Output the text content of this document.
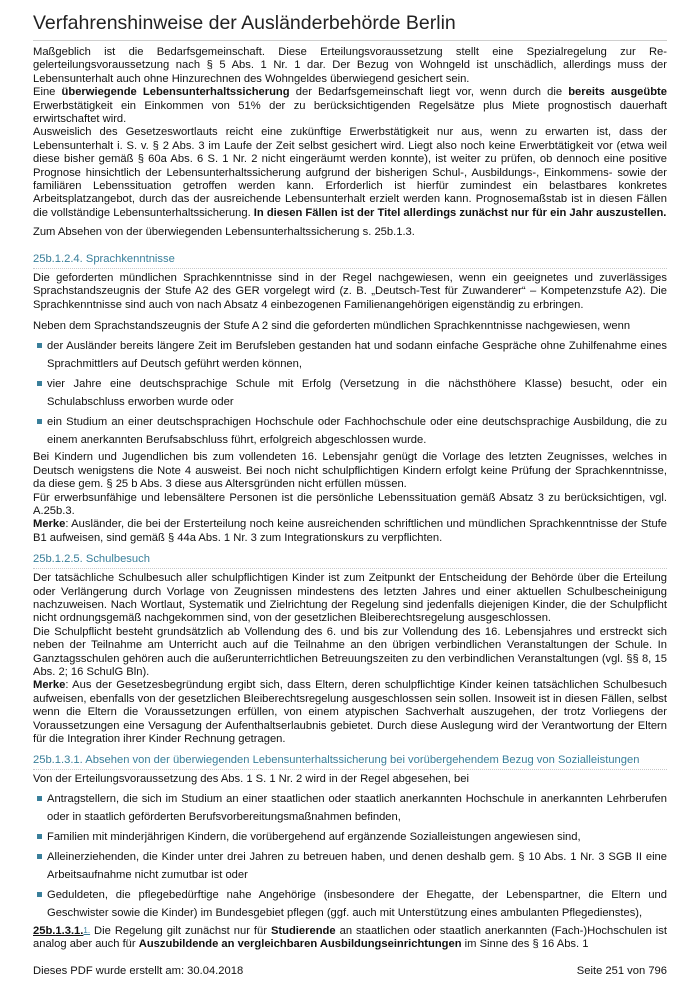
Verfahrenshinweise der Ausländerbehörde Berlin

Maßgeblich ist die Bedarfsgemeinschaft. Diese Erteilungsvoraussetzung stellt eine Spezialregelung zur Re-gelerteilungsvoraussetzung nach § 5 Abs. 1 Nr. 1 dar. Der Bezug von Wohngeld ist unschädlich, allerdings muss der Lebensunterhalt auch ohne Hinzurechnen des Wohngeldes überwiegend gesichert sein.

Eine überwiegende Lebensunterhaltssicherung der Bedarfsgemeinschaft liegt vor, wenn durch die bereits ausgeübte Erwerbstätigkeit ein Einkommen von 51% der zu berücksichtigenden Regelsätze plus Miete prognostisch dauerhaft erwirtschaftet wird.

Ausweislich des Gesetzeswortlauts reicht eine zukünftige Erwerbstätigkeit nur aus, wenn zu erwarten ist, dass der Lebensunterhalt i. S. v. § 2 Abs. 3 im Laufe der Zeit selbst gesichert wird. Liegt also noch keine Erwerbtätigkeit vor (etwa weil diese bisher gemäß § 60a Abs. 6 S. 1 Nr. 2 nicht eingeräumt werden konnte), ist weiter zu prüfen, ob dennoch eine positive Prognose hinsichtlich der Lebensunterhaltssicherung aufgrund der bisherigen Schul-, Ausbildungs-, Einkommens- sowie der familiären Lebenssituation getroffen werden kann. Erforderlich ist hierfür zumindest ein belastbares konkretes Arbeitsplatzangebot, durch das der ausreichende Lebensunterhalt erzielt werden kann. Prognosemaßstab ist in diesen Fällen die vollständige Lebensunterhaltssicherung. In diesen Fällen ist der Titel allerdings zunächst nur für ein Jahr auszustellen.

Zum Absehen von der überwiegenden Lebensunterhaltssicherung s. 25b.1.3.

25b.1.2.4. Sprachkenntnisse

Die geforderten mündlichen Sprachkenntnisse sind in der Regel nachgewiesen, wenn ein geeignetes und zuverlässiges Sprachstandszeugnis der Stufe A2 des GER vorgelegt wird (z. B. „Deutsch-Test für Zuwanderer“ – Kompetenzstufe A2). Die Sprachkenntnisse sind auch von nach Absatz 4 einbezogenen Familienangehörigen eigenständig zu erbringen.

Neben dem Sprachstandszeugnis der Stufe A 2 sind die geforderten mündlichen Sprachkenntnisse nachgewiesen, wenn

der Ausländer bereits längere Zeit im Berufsleben gestanden hat und sodann einfache Gespräche ohne Zuhilfenahme eines Sprachmittlers auf Deutsch geführt werden können,
vier Jahre eine deutschsprachige Schule mit Erfolg (Versetzung in die nächsthöhere Klasse) besucht, oder ein Schulabschluss erworben wurde oder
ein Studium an einer deutschsprachigen Hochschule oder Fachhochschule oder eine deutschsprachige Ausbildung, die zu einem anerkannten Berufsabschluss führt, erfolgreich abgeschlossen wurde.

Bei Kindern und Jugendlichen bis zum vollendeten 16. Lebensjahr genügt die Vorlage des letzten Zeugnisses, welches in Deutsch wenigstens die Note 4 ausweist. Bei noch nicht schulpflichtigen Kindern erfolgt keine Prüfung der Sprachkenntnisse, da diese gem. § 25 b Abs. 3 diese aus Altersgründen nicht erfüllen müssen.

Für erwerbsunfähige und lebensältere Personen ist die persönliche Lebenssituation gemäß Absatz 3 zu berücksichtigen, vgl. A.25b.3.

Merke: Ausländer, die bei der Ersterteilung noch keine ausreichenden schriftlichen und mündlichen Sprachkenntnisse der Stufe B1 aufweisen, sind gemäß § 44a Abs. 1 Nr. 3 zum Integrationskurs zu verpflichten.

25b.1.2.5. Schulbesuch

Der tatsächliche Schulbesuch aller schulpflichtigen Kinder ist zum Zeitpunkt der Entscheidung der Behörde über die Erteilung oder Verlängerung durch Vorlage von Zeugnissen mindestens des letzten Jahres und einer aktuellen Schulbescheinigung nachzuweisen. Nach Wortlaut, Systematik und Zielrichtung der Regelung sind jedenfalls diejenigen Kinder, die der Schulpflicht nicht ordnungsgemäß nachgekommen sind, von der gesetzlichen Bleiberechtsregelung ausgeschlossen.

Die Schulpflicht besteht grundsätzlich ab Vollendung des 6. und bis zur Vollendung des 16. Lebensjahres und erstreckt sich neben der Teilnahme am Unterricht auch auf die Teilnahme an den übrigen verbindlichen Veranstaltungen der Schule. In Ganztagsschulen gehören auch die außerunterrichtlichen Betreuungszeiten zu den verbindlichen Veranstaltungen (vgl. §§ 8, 15 Abs. 2; 16 SchulG Bln).

Merke: Aus der Gesetzesbegründung ergibt sich, dass Eltern, deren schulpflichtige Kinder keinen tatsächlichen Schulbesuch aufweisen, ebenfalls von der gesetzlichen Bleiberechtsregelung ausgeschlossen sein sollen. Insoweit ist in diesen Fällen, selbst wenn die Eltern die Voraussetzungen erfüllen, von einem atypischen Sachverhalt auszugehen, der trotz Vorliegens der Voraussetzungen eine Versagung der Aufenthaltserlaubnis gebietet. Durch diese Auslegung wird der Verantwortung der Eltern für die Integration ihrer Kinder Rechnung getragen.

25b.1.3.1. Absehen von der überwiegenden Lebensunterhaltssicherung bei vorübergehendem Bezug von Sozialleistungen

Von der Erteilungsvoraussetzung des Abs. 1 S. 1 Nr. 2 wird in der Regel abgesehen, bei

Antragstellern, die sich im Studium an einer staatlichen oder staatlich anerkannten Hochschule in anerkannten Lehrberufen oder in staatlich geförderten Berufsvorbereitungsmaßnahmen befinden,
Familien mit minderjährigen Kindern, die vorübergehend auf ergänzende Sozialleistungen angewiesen sind,
Alleinerziehenden, die Kinder unter drei Jahren zu betreuen haben, und denen deshalb gem. § 10 Abs. 1 Nr. 3 SGB II eine Arbeitsaufnahme nicht zumutbar ist oder
Geduldeten, die pflegebedürftige nahe Angehörige (insbesondere der Ehegatte, der Lebenspartner, die Eltern und Geschwister sowie die Kinder) im Bundesgebiet pflegen (ggf. auch mit Unterstützung eines ambulanten Pflegedienstes),

25b.1.3.1.1. Die Regelung gilt zunächst nur für Studierende an staatlichen oder staatlich anerkannten (Fach-)Hochschulen ist analog aber auch für Auszubildende an vergleichbaren Ausbildungseinrichtungen im Sinne des § 16 Abs. 1

Dieses PDF wurde erstellt am: 30.04.2018	Seite 251 von 796
